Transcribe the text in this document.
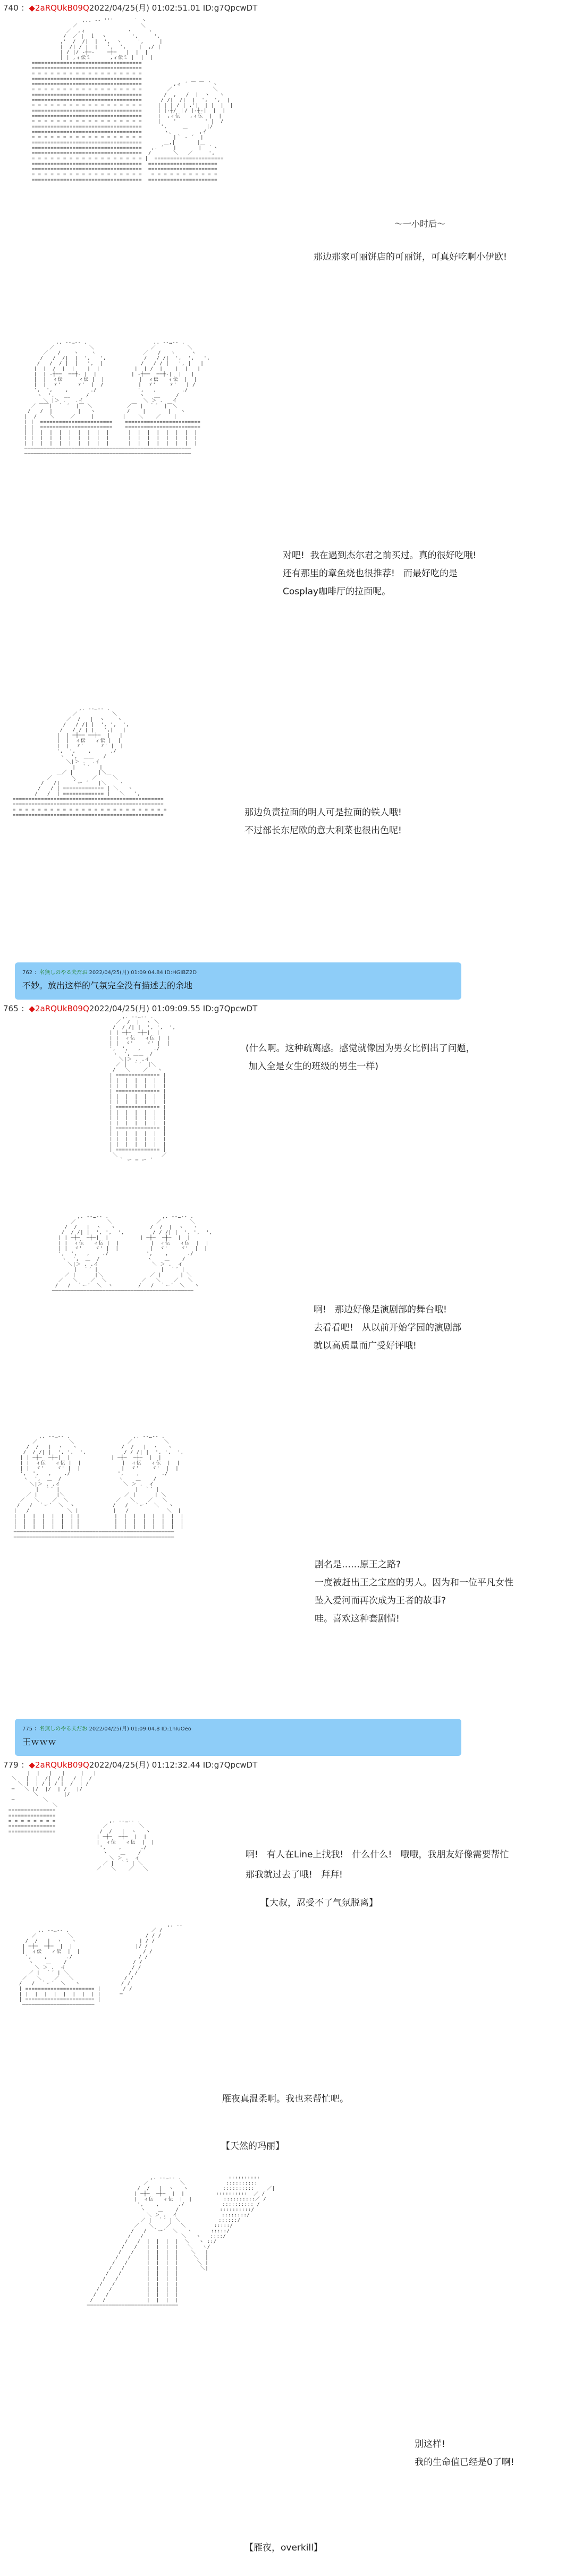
740 ：◆2aRQUkB09Q2022/04/25(月) 01:02:51.01 ID:g7QpcwDT
,.. -‐ ''' ￣ ￣ ｀ ヽ
／                    ＼
／  ,ィ             ヽ     ヽ
/  ／ |  ｌ  ヽ        ',     ',
,'  /  /|  |  ',  ヽ     ',     |
|  /| / |  |   ',  ',    |  ,/ |
| / |/ -┼─-    ─┼─   |  |  |
| | ,ィ伝ミ      ,ィ伝ミ |  |  |
===================================
===================================
= = = = = = = = = = = = = = = = = =
===================================
===================================          ,ィ ´ ￣ ￣ ｀ヽ
= = = = = = = = = = = = = = = = = =        ／             ＼
===================================       /  ,   /  |  ヽ   ヽ
===================================      / /|  /|  |  ',  ',  |
= = = = = = = = = = = = = = = = = =     | | | / | ,'|  | |  |  |
===================================     | |-┼/ ｜/ |-┼-|  |  |
===================================     |  ,ィ伝   ,ィ伝  |  |
= = = = = = = = = = = = = = = = = =     |    '         ' |  /
===================================      ',     ＿      |/
===================================       ヽ、        ,イ
= = = = = = = = = = = = = = = = = =          |｀ - ´  |
===================================       ＿,|       |＿
===================================   ,. ´   |       |  ｀ヽ
===================================  /       ＼   ／     ',
= = = = = = = = = = = = = = = = = = |  ======================
===================================  ======================
===================================  ======================
= = = = = = = = = = = = = = = = = =   = = = = = = = = = = =
===================================  ======================
～一小时后～
那边那家可丽饼店的可丽饼，可真好吃啊小伊欧!
,. -‐…‐- .                     ,. -‐…‐- .
／           ＼                  ／          ＼
／   /    ヽ    ヽ               ／   /   ヽ     ヽ
/   /  /|  |  ',   ',            /   / /|  ',  ',   ',
/   /  / |  |   ',  |            /   / / |   ', |   |
|  |  /  |  |    |  |           |  | /  |    |  |   |
|  | -┼──  ──┼- |  |           | -┼──  ──┼-|  |   |
|  |  ィ伝     ィ伝 |  |           |  ィ伝   ィ伝  |  |
|  |  ゞ'     ゞ'  |  /           |  ゞ'    ゞ'   | /
',  ',    ,       ./             ',   ,        ./
ヽ  ',   __     /                ヽ   __     /
＼ |＞ .   .イ                   ＼ ＞ .   イ
／ ￣￣|  ｀ ´  |￣ ＼           ／￣ |  ｀´  |￣＼
/   /  |        |   ヽ          /    |       |   ヽ
|  /    ＼     ／     |         |    ＼    ／    |
| |  =======================    ========================
| |  =======================    ========================
| |  |  |  |  |  |  |  |  |      |  |  |  |  |  |  |  |
| |  |  |  |  |  |  |  |  |      |  |  |  |  |  |  |  |
| |  |  |  |  |  |  |  |  |      |  |  |  |  |  |  |  |
─────────────────────────────────────────────────────
─────────────────────────────────────────────────────
对吧!  我在遇到杰尔君之前买过。真的很好吃哦!
还有那里的章鱼烧也很推荐!   而最好吃的是
Cosplay咖啡厅的拉面呢。
,. -‐…‐- .
／           ＼
／  /   |  ヽ    ヽ
/   / /| |  ', ',  ',
/   / / | |   ',|   |
|  | ─┼── ──┼─  |   |
|  |  ィ伝   ィ伝 |  |
|  |  ゞ'     ゞ' |  |
',  ',    ,      ./
ヽ  ',  ＿＿   /
＼|＞ .  .イ
|  ｀´   |
＿／ |        |＼＿
／      ＼     ／     ＼
/   /|    ｀ー ´   |＼    ヽ
/   / | ============= | ＼   ヽ
/   /  | ============= |   ＼   ',
================================================
================================================
= = = = = = = = = = = = = = = = = = = = = = = = =
================================================	那边负责拉面的明人可是拉面的铁人哦!
不过部长东尼欧的意大利菜也很出色呢!
762 ：名無しのやる夫だお 2022/04/25(月) 01:09:04.84 ID:HGIBZ2D
不妙。放出这样的气氛完全没有描述去的余地
765 ：◆2aRQUkB09Q2022/04/25(月) 01:09:09.55 ID:g7QpcwDT
,. -‐…‐- .
／  /  |  ヽ ＼
/  / /| |  ', ',  ',
| | ─┼─  ─┼─|  |
| |  ィ伝   ィ伝 |  |
| |  ゞ'    ゞ' |  |
',  ',   ,    ./
ヽ  ', ＿＿  /
＼|＞ . .イ
／ |  ｀´  |＼
/   ＼    ／   ヽ
| ============== |
| |  |  |  |  |  |
| |  |  |  |  |  |
| ============== |
| |  |  |  |  |  |
| |  |  |  |  |  |
| ============== |
| |  |  |  |  |  |
| |  |  |  |  |  |
| |  |  |  |  |  |
| ============== |
| |  |  |  |  |  |
| |  |  |  |  |  |
| |  |  |  |  |  |
| ============== |
＼              ／
｀ ー ─ ー ´
(什么啊。这种疏离感。感觉就像因为男女比例出了问题，
加入全是女生的班级的男生一样)
,. -‐…‐- .                 ,. -‐…‐- .
／          ＼              ／         ＼
/  /   |  ヽ   ヽ           /  /  |  ヽ   ヽ
/  / /| |  ', ',  ',         / / /| |  ', ',  ',
| | ─┼─  ─┼─|  |          | ─┼─  ─┼─  |  |
| |  ィ伝   ィ伝 |  |          |  ィ伝   ィ伝  |  |
| |  ゞ'    ゞ' |  |          |  ゞ'    ゞ'  |  |
',  ',   ,    ./            ',    ,      ./
ヽ  ',  ＿  /               ヽ    ＿    /
＼|＞ . .イ                 ＼ ＞ .  イ
|  ｀´ |                    |  ｀´ |
／ |      |＼               ／ |      | ＼
／   ＼    ／  ＼           ／   ＼    ／   ＼
/   /  ｀ー´  ＼  ヽ        /   /  ｀ー´  ＼   ヽ
─────────────────────────────────────────────
啊!   那边好像是演剧部的舞台哦!
去看看吧!   从以前开始学园的演剧部
就以高质量而广受好评哦!
,. -‐…‐- .                    ,. -‐…‐- .
／          ＼                 ／          ＼
/  /   |  ヽ   ヽ              /  /   |  ヽ   ヽ
/  / /| |  ', ',  ',            / / /| |  ', ',  ',
| | ─┼─  ─┼─|  |             | ─┼─  ─┼─  |  |
| |  ィ伝   ィ伝 |  |             |  ィ伝   ィ伝  |  |
| |  ゞ'    ゞ' |  |             |  ゞ'    ゞ'  |  |
',  ',   ,    ./               ',    ,       ./
ヽ  ',  ＿  /                  ヽ    ＿    /
＼|＞ . .イ                    ＼ ＞ .  イ
|  ｀´ |                        |  ｀´ |
／ |      |＼                   ／ |      | ＼
／   ＼    ／  ＼               ／   ＼    ／   ＼
/   /  ｀ー´  ＼  ヽ            /   /  ｀ー´  ＼   ヽ
|   /            ＼ |           |   /            ＼  |
|  |  |  |  |  |  | |           |  |  |  |  |  |  |  |
|  |  |  |  |  |  | |           |  |  |  |  |  |  |  |
|  |  |  |  |  |  | |           |  |  |  |  |  |  |  |
───────────────────────────────────────────────────
───────────────────────────────────────────────────
剧名是……原王之路?
一度被赶出王之宝座的男人。因为和一位平凡女性
坠入爱河而再次成为王者的故事?
哇。喜欢这种套剧情!
775 ：名無しのやる夫だお 2022/04/25(月) 01:09:04.8 ID:1hIuOeo
王ｗｗｗ
779 ：◆2aRQUkB09Q2022/04/25(月) 01:12:32.44 ID:g7QpcwDT
|  |   |   |     |   |
＼   |  |  /|  /|   / |  /
＼ |  | / | / |  /  | /
─   ＼ |/  |/  | /   |/
＼        |/
─         ＼
＼
===============
===============
= = = = = = = =                 ,. -‐…‐- .
===============               ／          ＼
===============              /  /   |  ヽ   ヽ
| ─┼─  ─┼─  |  |
|  ィ伝   ィ伝  |  |
',    ,      ./
ヽ    ＿    /
＼ ＞ .  イ
／ |  ｀´ | ＼
／   ＼    ／   ＼
啊!   有人在Line上找我!   什么什么!   哦哦，我朋友好像需要帮忙
那我就过去了哦!   拜拜!
【大叔，忍受不了气氛脱离】
,. -‐
,. -‐…‐- .                          ／ /
／          ＼                       / / /
/  /   |  ヽ   ヽ                    | / /
| ─┼─  ─┼─  |  |                    |/ /
|  ィ伝   ィ伝  |  |                    / /
',    ,      ./                     / /
ヽ    ＿    /                     / /
＼ ＞ .  イ                     / /
／ |  ｀´ | ＼                   / /
／   ＼    ／   ＼                / /
/   /  ｀ー´  ＼   ヽ             / /
| ====================== |       / /
| |  |  |  |  |  |  |  | |      ─
| ====================== |
───────────────────────
雁夜真温柔啊。我也来帮忙吧。
【天然的玛丽】
,. -‐…‐- .               ::::::::::
／          ＼             ::::::::::
/  /   |  ヽ   ヽ           ::::::::::    ／|
| ─┼─  ─┼─  |  |          ::::::::::  ／ /
|  ィ伝   ィ伝  |  |          ::::::::::／ /
',    ,      ./            :::::::::: /
ヽ    ＿    /             ::::::::::/
＼ ＞ .  イ              ::::::::/
／ |  ｀´ | ＼            ::::::/
／   ＼    ／   ＼         :::::/
/   /  ｀ー´  ＼   ヽ      :::::/
/   /            ＼   ヽ   ::::/
/   /  |  |  |  |  ＼   ヽ ::/
/   /   |  |  |  |   ＼   ヽ/
/   /    |  |  |  |    ＼   |
/   /     |  |  |  |     ＼  |
/   /      |  |  |  |      ＼ |
/   /       |  |  |  |       ＼|
/   /        |  |  |  |
/   /         |  |  |  |
/   /          |  |  |  |
/   /           |  |  |  |
/   /            |  |  |  |
/   /             |  |  |  |
─────────────────────────────
别这样!
我的生命值已经是0了啊!
【雁夜，overkill】
